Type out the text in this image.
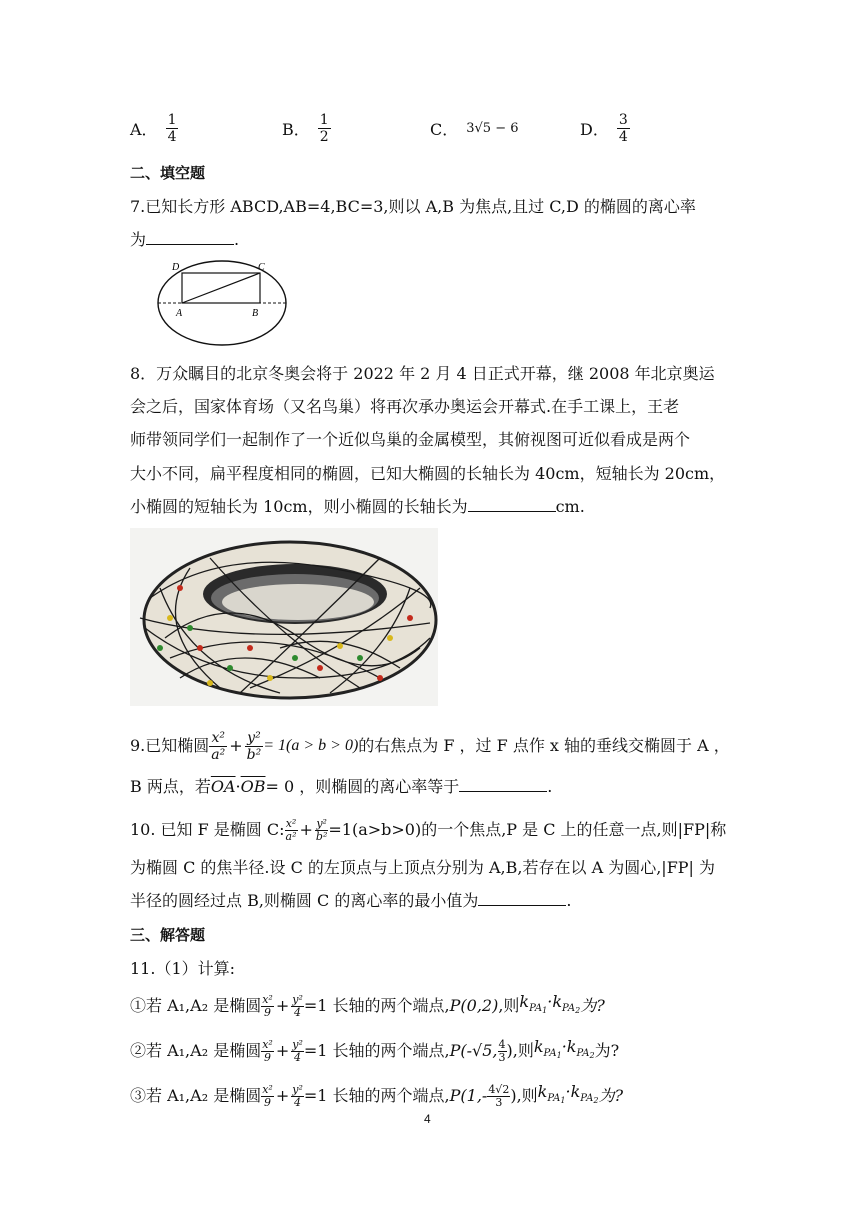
A． $\frac{1}{4}$	B． $\frac{1}{2}$	C． 3√5 − 6	D． $\frac{3}{4}$
二、填空题
7.已知长方形 ABCD,AB=4,BC=3,则以 A,B 为焦点,且过 C,D 的椭圆的离心率
为	.
D	C
A	B
8．万众瞩目的北京冬奥会将于 2022 年 2 月 4 日正式开幕，继 2008 年北京奥运
会之后，国家体育场（又名鸟巢）将再次承办奥运会开幕式.在手工课上，王老
师带领同学们一起制作了一个近似鸟巢的金属模型，其俯视图可近似看成是两个
大小不同，扁平程度相同的椭圆，已知大椭圆的长轴长为 40cm，短轴长为 20cm，
小椭圆的短轴长为 10cm，则小椭圆的长轴长为	cm.
9.已知椭圆 $\frac{\text{x²}}{\text{a²}} + \frac{\text{y²}}{\text{b²}} = 1(a > b > 0)$ 的右焦点为 F ，过 F 点作 x 轴的垂线交椭圆于 A ，
B 两点，若$\overline{OA}\cdot\overline{OB}= 0$ ，则椭圆的离心率等于	.
10. 已知 F 是椭圆 C: x²
$a^2 + \frac{\text{y²}}{\text{b²}} =1(a>b>0)$的一个焦点,P 是 C 上的任意一点,则|FP|称
为椭圆 C 的焦半径.设 C 的左顶点与上顶点分别为 A,B,若存在以 A 为圆心,|FP| 为
半径的圆经过点 B,则椭圆 C 的离心率的最小值为	.
三、解答题
11.（1）计算:
①若 A₁,A₂ 是椭圆 x²
$9 + \frac{\text{y²}}{4} =1$ 长轴的两个端点, P(0,2) ,则 $k_{PA_1}\cdot k_{PA_2}$ 为?
②若 A₁,A₂ 是椭圆 x²
$9 + \frac{\text{y²}}{4} =1$ 长轴的两个端点, P(-√5, 4
3 ),则 $k_{PA_1}\cdot k_{PA_2}$ 为?
③若 A₁,A₂ 是椭圆 x²
$9 + \frac{\text{y²}}{4} =1$ 长轴的两个端点, P(1,- 4√2
3 ),则 $k_{PA_1}\cdot k_{PA_2}$ 为?
4
